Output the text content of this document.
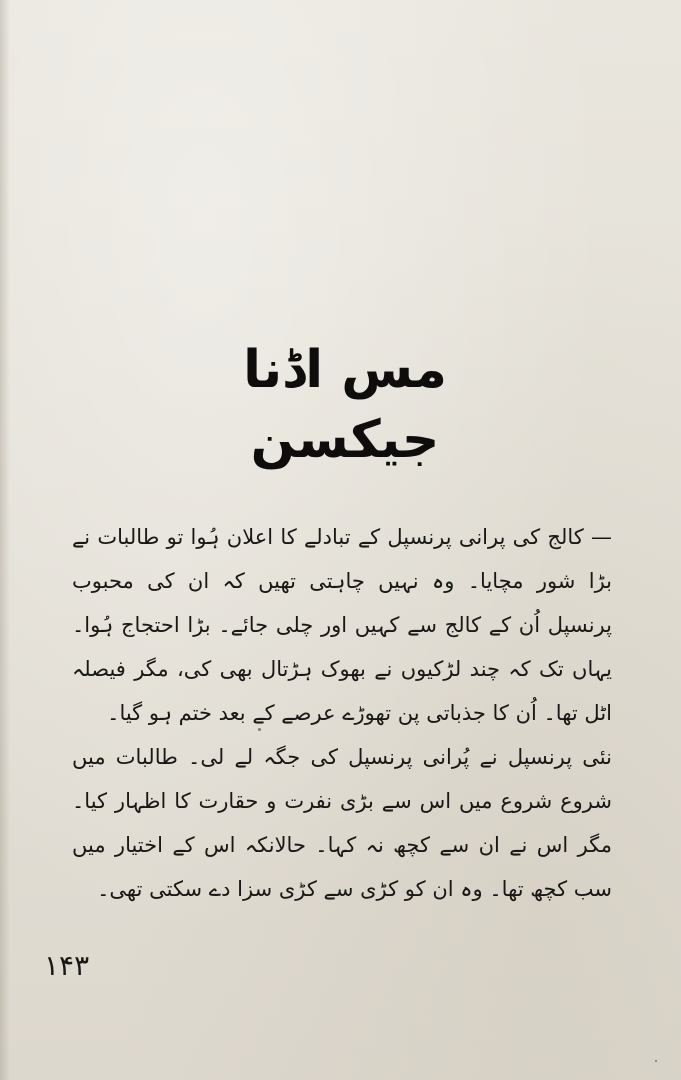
مس اڈنا جیکسن

— کالج کی پرانی پرنسپل کے تبادلے کا اعلان ہُوا تو طالبات نے بڑا شور مچایا۔ وہ نہیں چاہتی تھیں کہ ان کی محبوب پرنسپل اُن کے کالج سے کہیں اور چلی جائے۔ بڑا احتجاج ہُوا۔ یہاں تک کہ چند لڑکیوں نے بھوک ہڑتال بھی کی، مگر فیصلہ اٹل تھا۔ اُن کا جذباتی پن تھوڑے عرصے کے بعد ختم ہو گیا۔

نئی پرنسپل نے پُرانی پرنسپل کی جگہ لے لی۔ طالبات میں شروع شروع میں اس سے بڑی نفرت و حقارت کا اظہار کیا۔ مگر اس نے ان سے کچھ نہ کہا۔ حالانکہ اس کے اختیار میں سب کچھ تھا۔ وہ ان کو کڑی سے کڑی سزا دے سکتی تھی۔

۱۴۳
